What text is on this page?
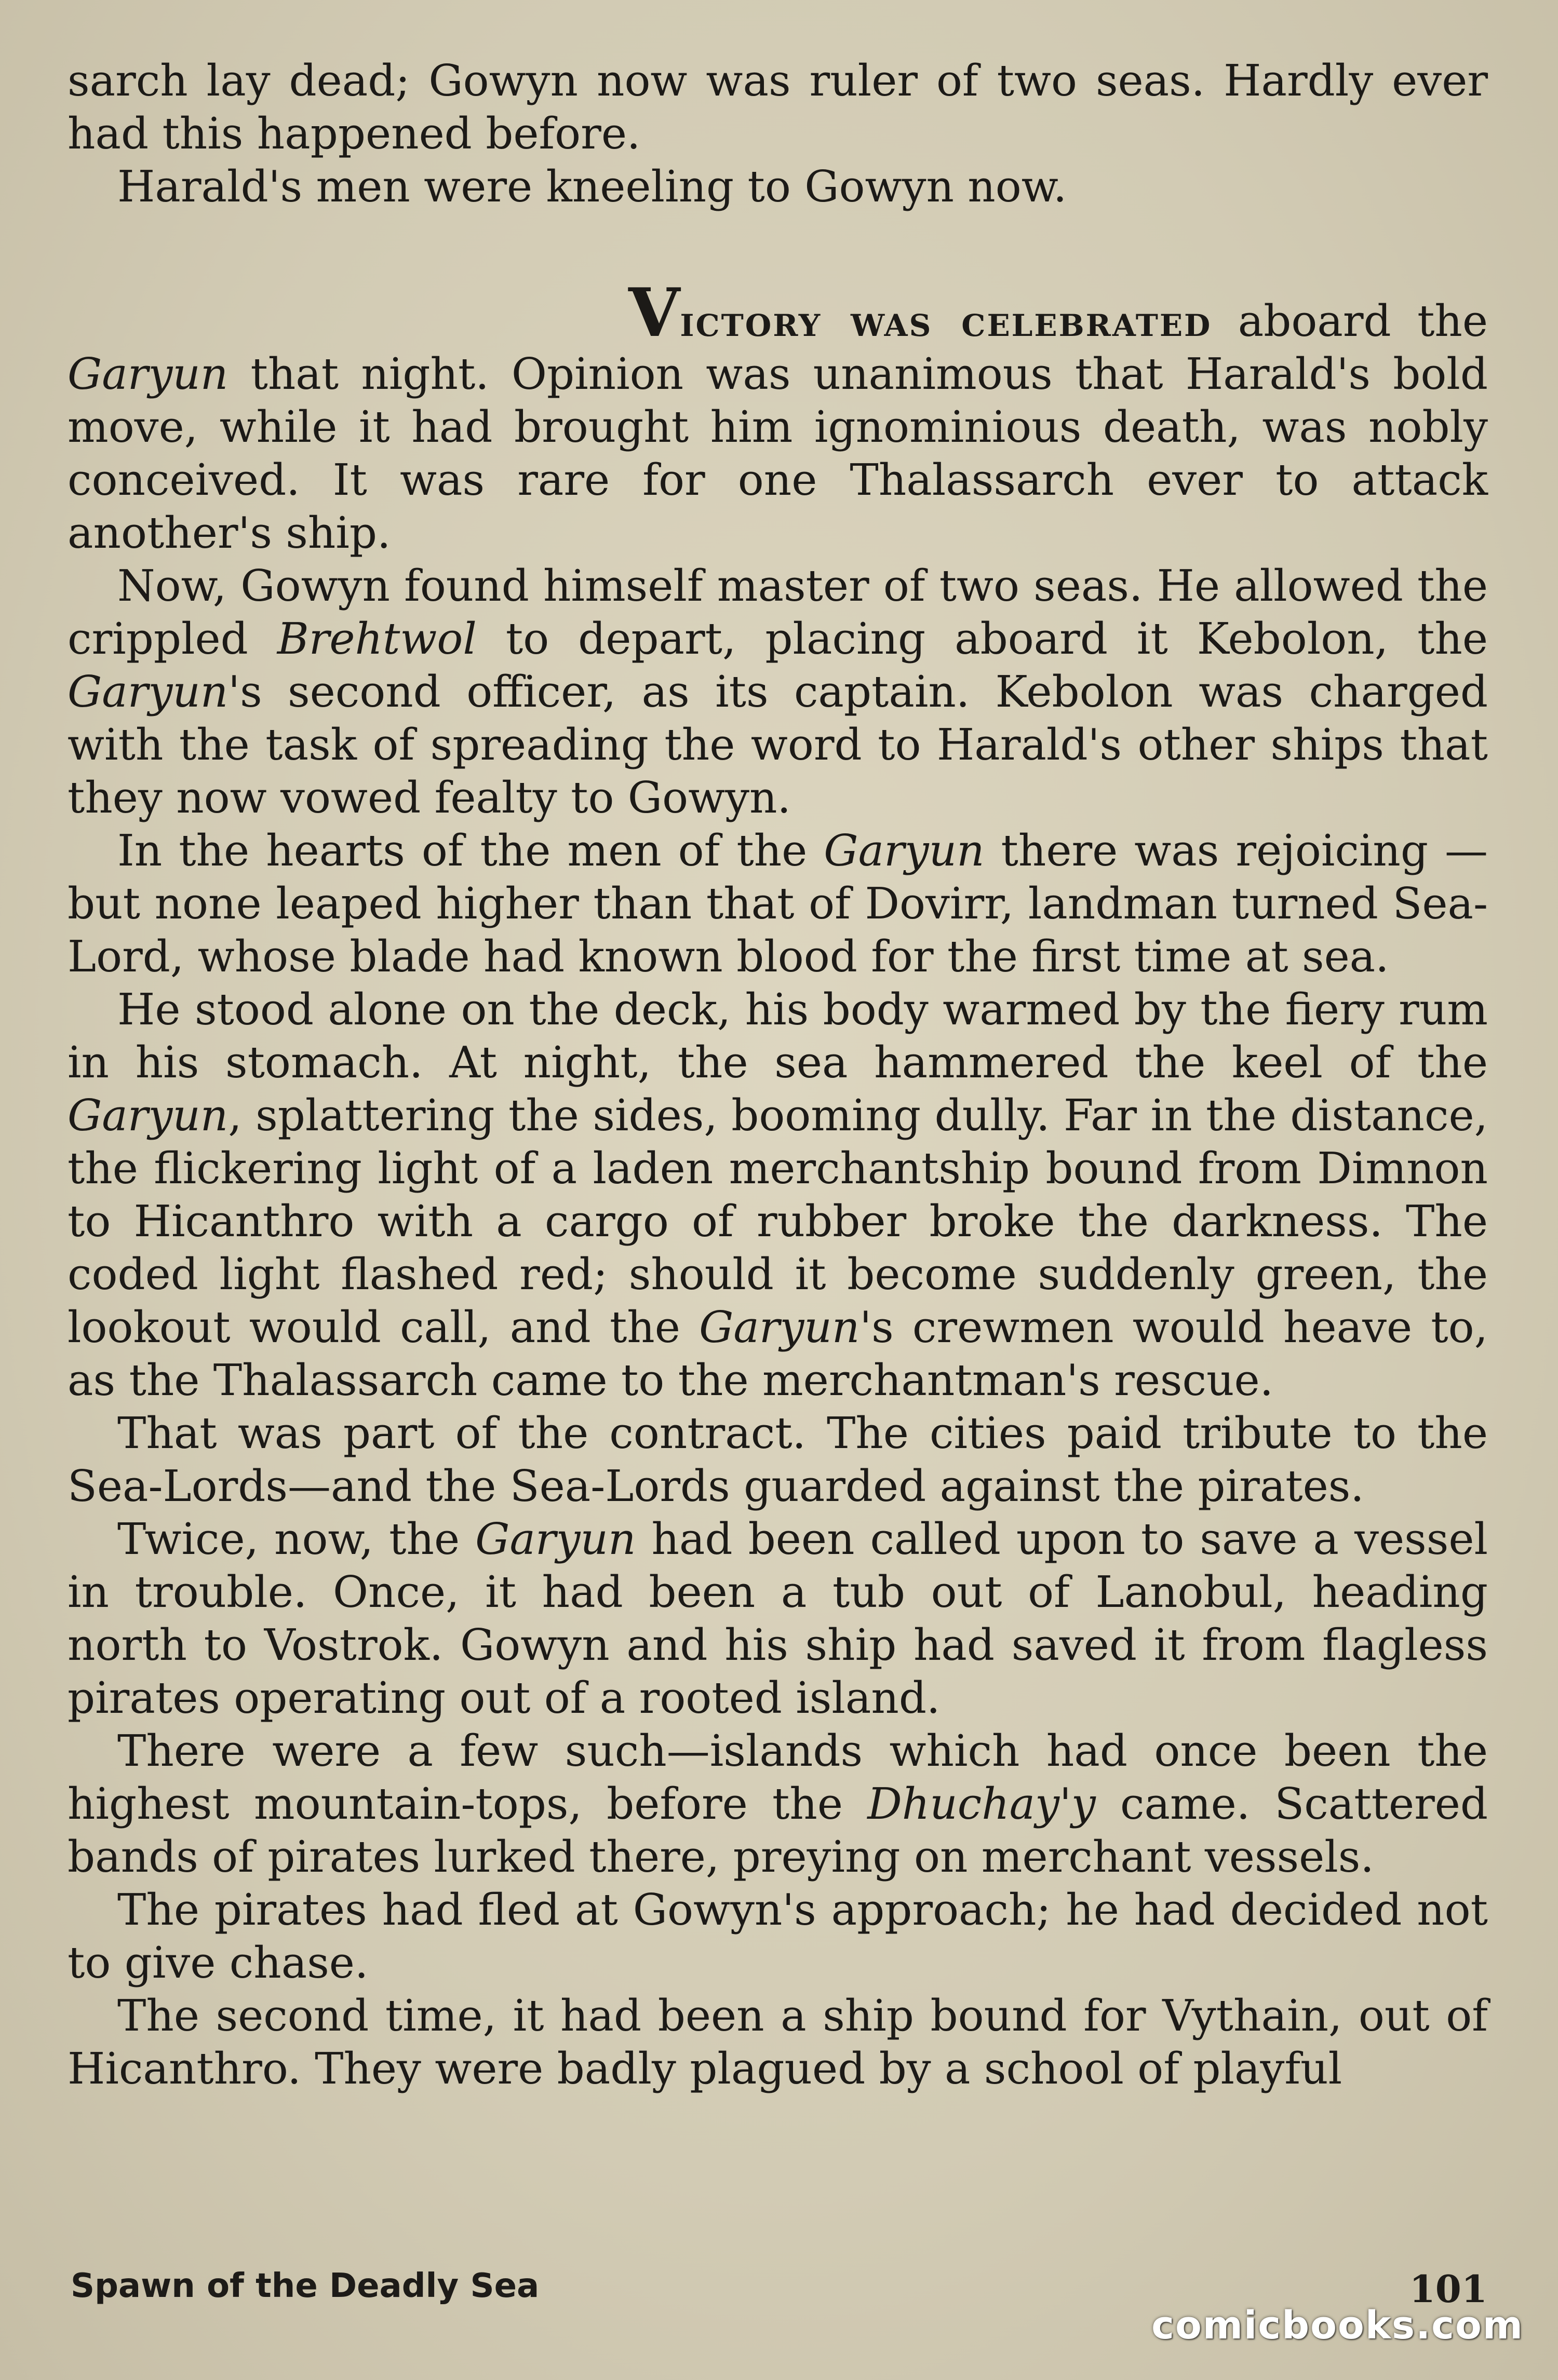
sarch lay dead; Gowyn now was ruler of two seas. Hardly ever had this happened before.

Harald's men were kneeling to Gowyn now.

Victory was celebrated aboard the Garyun that night. Opinion was unanimous that Harald's bold move, while it had brought him ignominious death, was nobly conceived. It was rare for one Thalassarch ever to attack another's ship.

Now, Gowyn found himself master of two seas. He allowed the crippled Brehtwol to depart, placing aboard it Kebolon, the Garyun's second officer, as its captain. Kebolon was charged with the task of spreading the word to Harald's other ships that they now vowed fealty to Gowyn.

In the hearts of the men of the Garyun there was rejoicing —but none leaped higher than that of Dovirr, landman turned Sea-Lord, whose blade had known blood for the first time at sea.

He stood alone on the deck, his body warmed by the fiery rum in his stomach. At night, the sea hammered the keel of the Garyun, splattering the sides, booming dully. Far in the distance, the flickering light of a laden merchantship bound from Dimnon to Hicanthro with a cargo of rubber broke the darkness. The coded light flashed red; should it become suddenly green, the lookout would call, and the Garyun's crewmen would heave to, as the Thalassarch came to the merchantman's rescue.

That was part of the contract. The cities paid tribute to the Sea-Lords—and the Sea-Lords guarded against the pirates.

Twice, now, the Garyun had been called upon to save a vessel in trouble. Once, it had been a tub out of Lanobul, heading north to Vostrok. Gowyn and his ship had saved it from flagless pirates operating out of a rooted island.

There were a few such—islands which had once been the highest mountain-tops, before the Dhuchay'y came. Scattered bands of pirates lurked there, preying on merchant vessels.

The pirates had fled at Gowyn's approach; he had decided not to give chase.

The second time, it had been a ship bound for Vythain, out of Hicanthro. They were badly plagued by a school of playful

Spawn of the Deadly Sea	101
comicbooks.com
